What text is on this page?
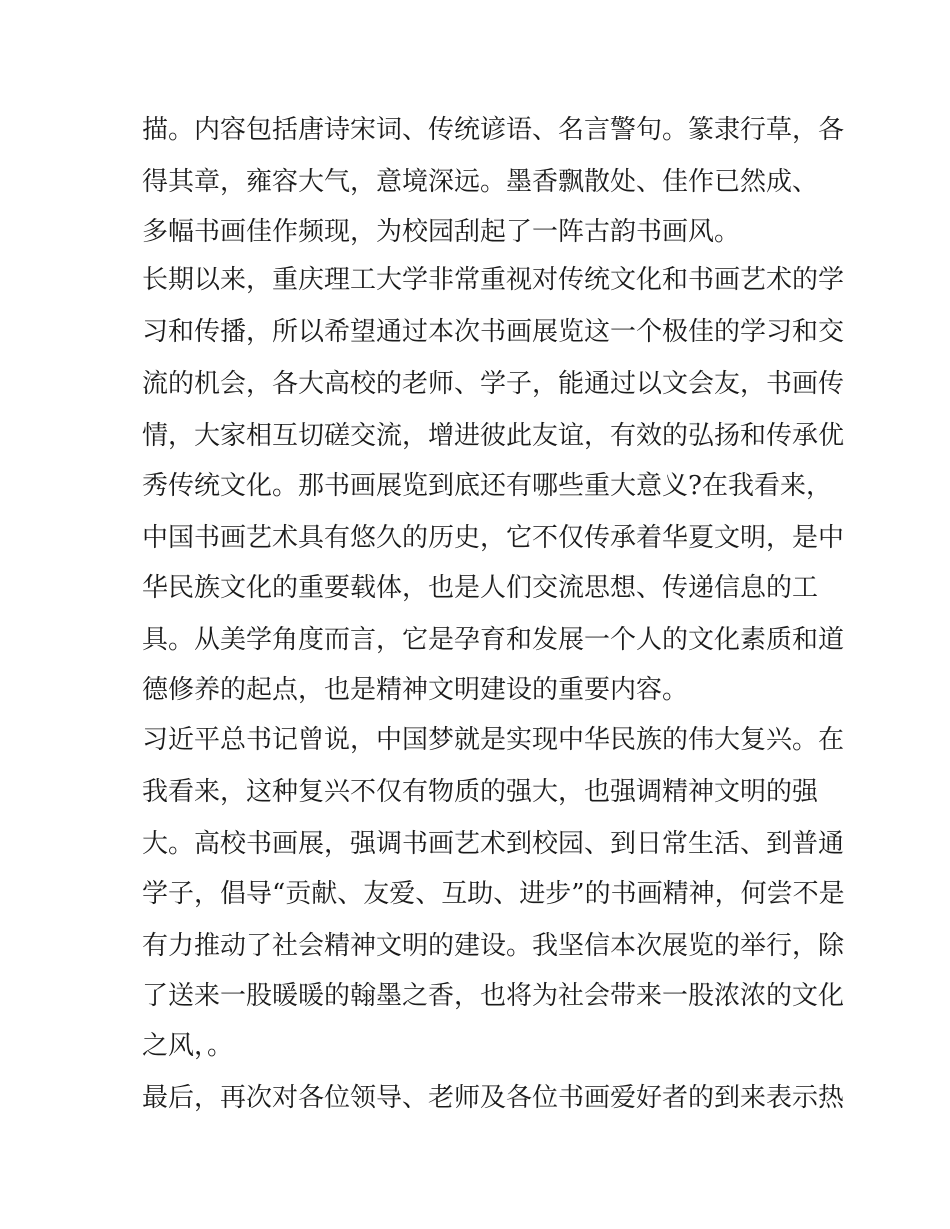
描。内容包括唐诗宋词、传统谚语、名言警句。篆隶行草，各
得其章，雍容大气，意境深远。墨香飘散处、佳作已然成、
多幅书画佳作频现，为校园刮起了一阵古韵书画风。
长期以来，重庆理工大学非常重视对传统文化和书画艺术的学
习和传播，所以希望通过本次书画展览这一个极佳的学习和交
流的机会，各大高校的老师、学子，能通过以文会友，书画传
情，大家相互切磋交流，增进彼此友谊，有效的弘扬和传承优
秀传统文化。那书画展览到底还有哪些重大意义?在我看来，
中国书画艺术具有悠久的历史，它不仅传承着华夏文明，是中
华民族文化的重要载体，也是人们交流思想、传递信息的工
具。从美学角度而言，它是孕育和发展一个人的文化素质和道
德修养的起点，也是精神文明建设的重要内容。
习近平总书记曾说，中国梦就是实现中华民族的伟大复兴。在
我看来，这种复兴不仅有物质的强大，也强调精神文明的强
大。高校书画展，强调书画艺术到校园、到日常生活、到普通
学子，倡导“贡献、友爱、互助、进步”的书画精神，何尝不是
有力推动了社会精神文明的建设。我坚信本次展览的举行，除
了送来一股暖暖的翰墨之香，也将为社会带来一股浓浓的文化
之风，。
最后，再次对各位领导、老师及各位书画爱好者的到来表示热
